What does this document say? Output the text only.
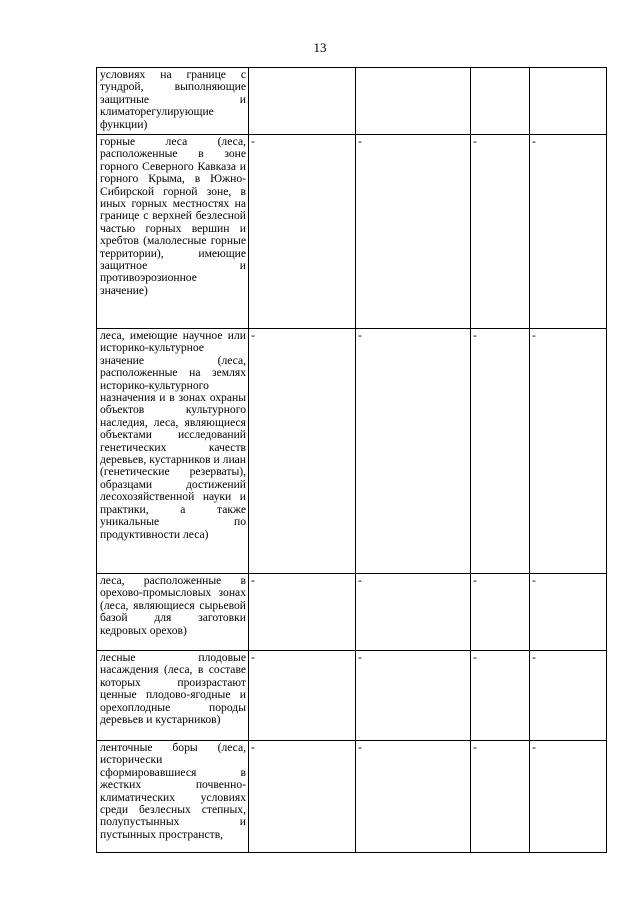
13
условиях на границе с тундрой, выполняющие защитные и климаторегулирующие функции)				

горные леса (леса, расположенные в зоне горного Северного Кавказа и горного Крыма, в Южно-Сибирской горной зоне, в иных горных местностях на границе с верхней безлесной частью горных вершин и хребтов (малолесные горные территории), имеющие защитное и противоэрозионное значение)	-	-	-	-

леса, имеющие научное или историко-культурное значение (леса, расположенные на землях историко-культурного назначения и в зонах охраны объектов культурного наследия, леса, являющиеся объектами исследований генетических качеств деревьев, кустарников и лиан (генетические резерваты), образцами достижений лесохозяйственной науки и практики, а также уникальные по продуктивности леса)	-	-	-	-

леса, расположенные в орехово-промысловых зонах (леса, являющиеся сырьевой базой для заготовки кедровых орехов)	-	-	-	-

лесные плодовые насаждения (леса, в составе которых произрастают ценные плодово-ягодные и орехоплодные породы деревьев и кустарников)	-	-	-	-

ленточные боры (леса, исторически сформировавшиеся в жестких почвенно-климатических условиях среди безлесных степных, полупустынных и пустынных пространств,	-	-	-	-
